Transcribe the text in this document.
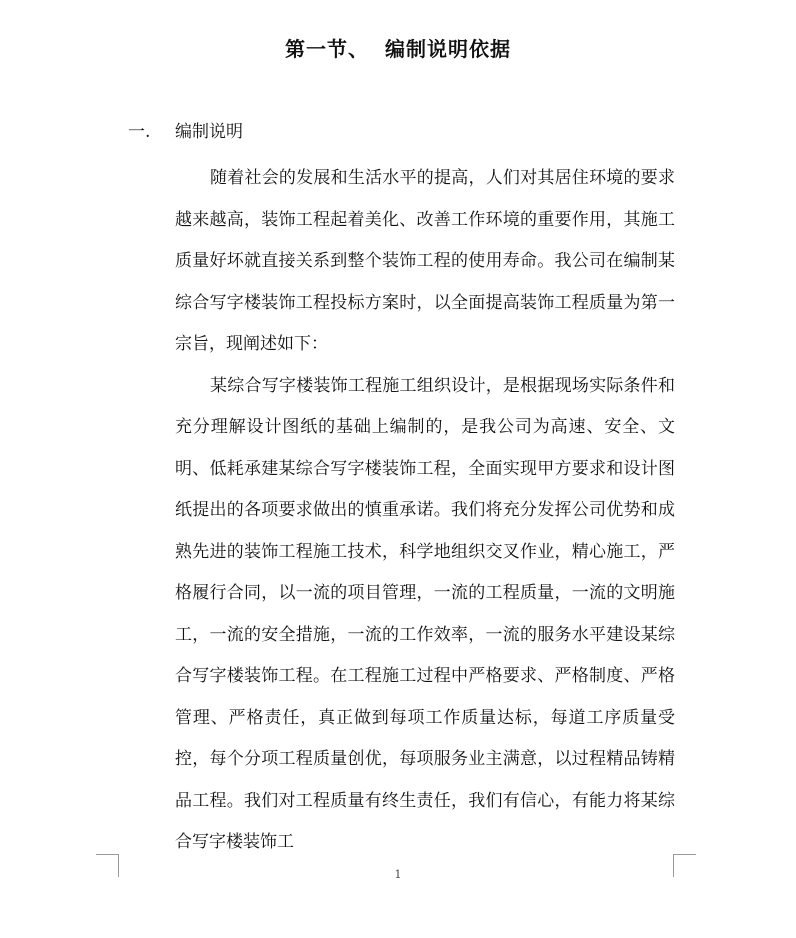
第一节、  编制说明依据
一. 编制说明

随着社会的发展和生活水平的提高，人们对其居住环境的要求越来越高，装饰工程起着美化、改善工作环境的重要作用，其施工质量好坏就直接关系到整个装饰工程的使用寿命。我公司在编制某综合写字楼装饰工程投标方案时，以全面提高装饰工程质量为第一宗旨，现阐述如下：

某综合写字楼装饰工程施工组织设计，是根据现场实际条件和充分理解设计图纸的基础上编制的，是我公司为高速、安全、文明、低耗承建某综合写字楼装饰工程，全面实现甲方要求和设计图纸提出的各项要求做出的慎重承诺。我们将充分发挥公司优势和成熟先进的装饰工程施工技术，科学地组织交叉作业，精心施工，严格履行合同，以一流的项目管理，一流的工程质量，一流的文明施工，一流的安全措施，一流的工作效率，一流的服务水平建设某综合写字楼装饰工程。在工程施工过程中严格要求、严格制度、严格管理、严格责任，真正做到每项工作质量达标，每道工序质量受控，每个分项工程质量创优，每项服务业主满意，以过程精品铸精品工程。我们对工程质量有终生责任，我们有信心，有能力将某综合写字楼装饰工

1
